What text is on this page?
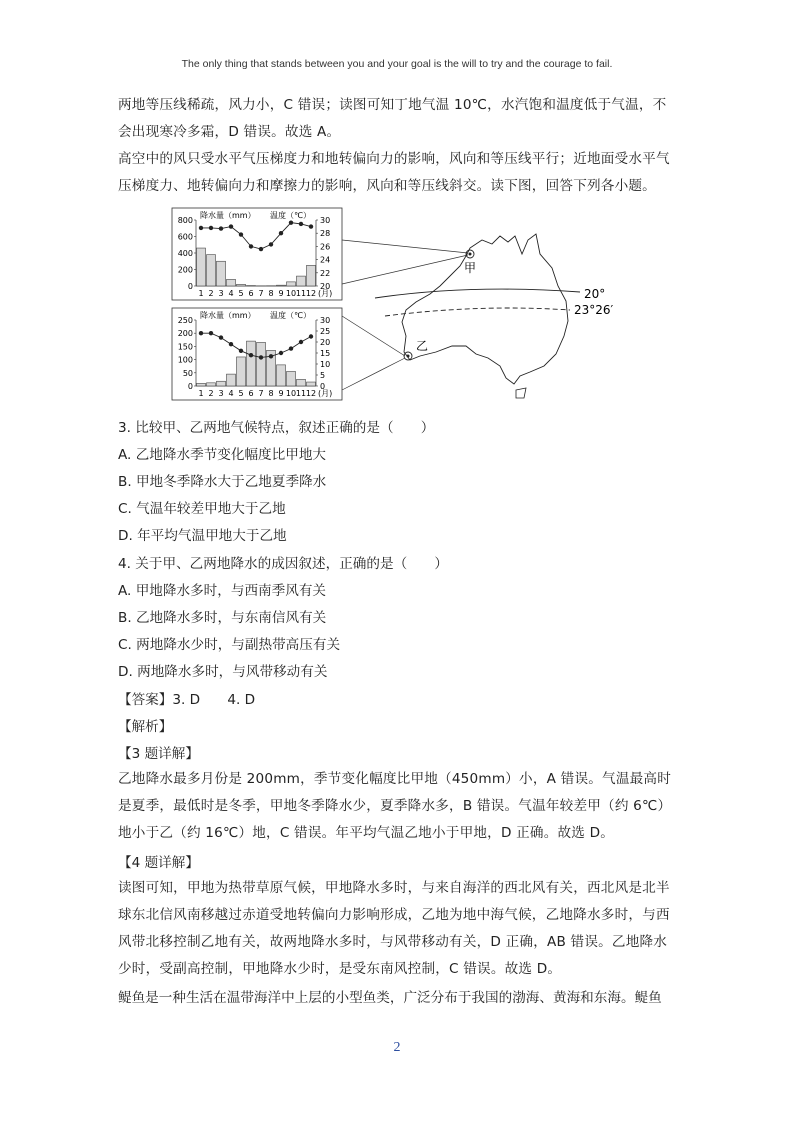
The only thing that stands between you and your goal is the will to try and the courage to fail.

两地等压线稀疏，风力小，C 错误；读图可知丁地气温 10℃，水汽饱和温度低于气温，不会出现寒冷多霜，D 错误。故选 A。

高空中的风只受水平气压梯度力和地转偏向力的影响，风向和等压线平行；近地面受水平气压梯度力、地转偏向力和摩擦力的影响，风向和等压线斜交。读下图，回答下列各小题。

降水量（mm） 温度（℃）
800
600
400
200
0
30
28
26
24
22
20
1 2 3 4 5 6 7 8 9 10 11 12 (月)
降水量（mm） 温度（℃）
250
200
150
100
50
0
30
25
20
15
10
5
0
1 2 3 4 5 6 7 8 9 10 11 12 (月)
20°
23°26′
甲
乙

3. 比较甲、乙两地气候特点，叙述正确的是（　　）

A. 乙地降水季节变化幅度比甲地大

B. 甲地冬季降水大于乙地夏季降水

C. 气温年较差甲地大于乙地

D. 年平均气温甲地大于乙地

4. 关于甲、乙两地降水的成因叙述，正确的是（　　）

A. 甲地降水多时，与西南季风有关

B. 乙地降水多时，与东南信风有关

C. 两地降水少时，与副热带高压有关

D. 两地降水多时，与风带移动有关

【答案】3. D　　4. D

【解析】

【3 题详解】

乙地降水最多月份是 200mm，季节变化幅度比甲地（450mm）小，A 错误。气温最高时是夏季，最低时是冬季，甲地冬季降水少，夏季降水多，B 错误。气温年较差甲（约 6℃）地小于乙（约 16℃）地，C 错误。年平均气温乙地小于甲地，D 正确。故选 D。

【4 题详解】

读图可知，甲地为热带草原气候，甲地降水多时，与来自海洋的西北风有关，西北风是北半球东北信风南移越过赤道受地转偏向力影响形成，乙地为地中海气候，乙地降水多时，与西风带北移控制乙地有关，故两地降水多时，与风带移动有关，D 正确，AB 错误。乙地降水少时，受副高控制，甲地降水少时，是受东南风控制，C 错误。故选 D。

鳀鱼是一种生活在温带海洋中上层的小型鱼类，广泛分布于我国的渤海、黄海和东海。鳀鱼

2
